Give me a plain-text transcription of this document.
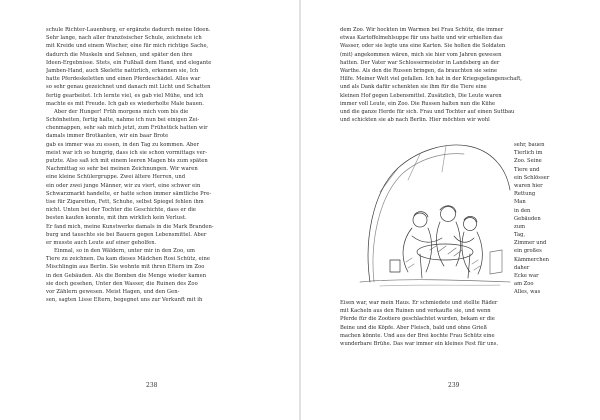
schule Richter-Lauenburg, er ergänzte dadurch meine Ideen.
Sehr lange, nach aller französischer Schule, zeichnete ich
mit Kreide und einem Wischer, eine für mich richtige Sache,
dadurch die Muskeln und Sehnen, und später den ihre
Ideen-Ergebnisse. Stets, ein Fußball dem Hand, und elegante
Jamben-Hand, auch Skelette natürlich, erkennen sie, Ich
hatte Pferdeskeletten und einen Pferdeschädel. Alles war
so sehr genau gezeichnet und danach mit Licht und Schatten
fertig gearbeitet. Ich lernte viel, es gab viel Mühe, und ich
machte es mit Freude. Ich gab es wiederholte Male bauen.
Aber der Hunger! Früh morgens mich vom bis die
Schönheiten, fertig halte, nahme ich nun bei einigen Zei-
chenmappen, sehr sah mich jetzt, zum Frühstück hatten wir
damals immer Brotkanten, wir ein baar Brote
gab es immer was zu essen, in den Tag zu kommen. Aber
meist war ich so hungrig, dass ich sie schon vormittags ver-
putzte. Also saß ich mit einem leeren Magen bis zum späten
Nachmittag so sehr bei meinen Zeichnungen. Wir waren
eine kleine Schülergruppe. Zwei ältere Herren, und
ein oder zwei junge Männer, wir zu viert, eine schwer ein
Schwarzmarkt handelte, er hatte schon immer sämtliche Pre-
tise für Zigaretten, Fett, Schuhe, selbst Spiegel fehlen ihm
nicht. Unten bei der Tochter die Geschichte, dass er die
besten kaufen konnte, mit ihm wirklich kein Verlust.
Er fand mich, meine Kunstwerke damals in die Mark Branden-
burg und tauschte sie bei Bauern gegen Lebensmittel. Aber
er musste auch Leute auf einer geholfen.
Einmal, so in den Wäldern, unter mir in den Zoo, um
Tiere zu zeichnen. Da kam dieses Mädchen Rosi Schütz, eine
Mischlingin aus Berlin. Sie wohnte mit ihren Eltern im Zoo
in den Gebäuden. Als die Bomben die Menge wieder kamen
sie doch gesehen, Unter den Wasser, die Ruinen des Zoo
vor Zählern gewesen. Meist Hagen, und den Gen-
sen, sagten Lisse Eltern, begegnet uns zur Verkunft mit ih
238
dem Zoo. Wir hockten im Warmen bei Frau Schütz, die immer
etwas Kartoffelmehlsuppe für uns hatte und wir erhielten das
Wasser, oder sie legte uns eine Karten. Sie holten die Soldaten
(mit) angekommen wären, mich sie hier vom Jahren gewesen
hatten. Der Vater war Schlossermeister in Landsberg an der
Warthe. Als den die Russen bringen, da brauchten sie seine
Hilfe. Meiner Welt viel gefallen. Ich hat in der Kriegsgefangenschaft,
und als Dank dafür schenkten sie ihm für die Tiere eine
kleinen Hof gegen Lebensmittel. Zusätzlich, Die Leute waren
immer voll Leute, ein Zoo. Die Russen halten nun die Kühe
und die ganze Herde für sich. Frau und Tochter auf einen Suttbau
und schickten sie ab nach Berlin. Hier möchten wir wohl
sehr, bauen
Tierlich im
Zoo. Seine
Tiere und
ein Schlösser
waren hier
Rettung
Man
in den
Gebäuden
zum
Tag,
Zimmer und
ein großes
Kämmerchen
daher
Ecke war
am Zoo
Alles, was
Eisen war, war mein Haus. Er schmiedete und stellte Räder
mit Kacheln aus den Ruinen und verkaufte sie, und wenn
Pferde für die Zootiere geschlachtet wurden, bekam er die
Beine und die Köpfe. Aber Fleisch, bald und ohne Grieß
machen könnte. Und aus der Brei kochte Frau Schütz eine
wunderbare Brühe. Das war immer ein kleines Fest für uns.
239
